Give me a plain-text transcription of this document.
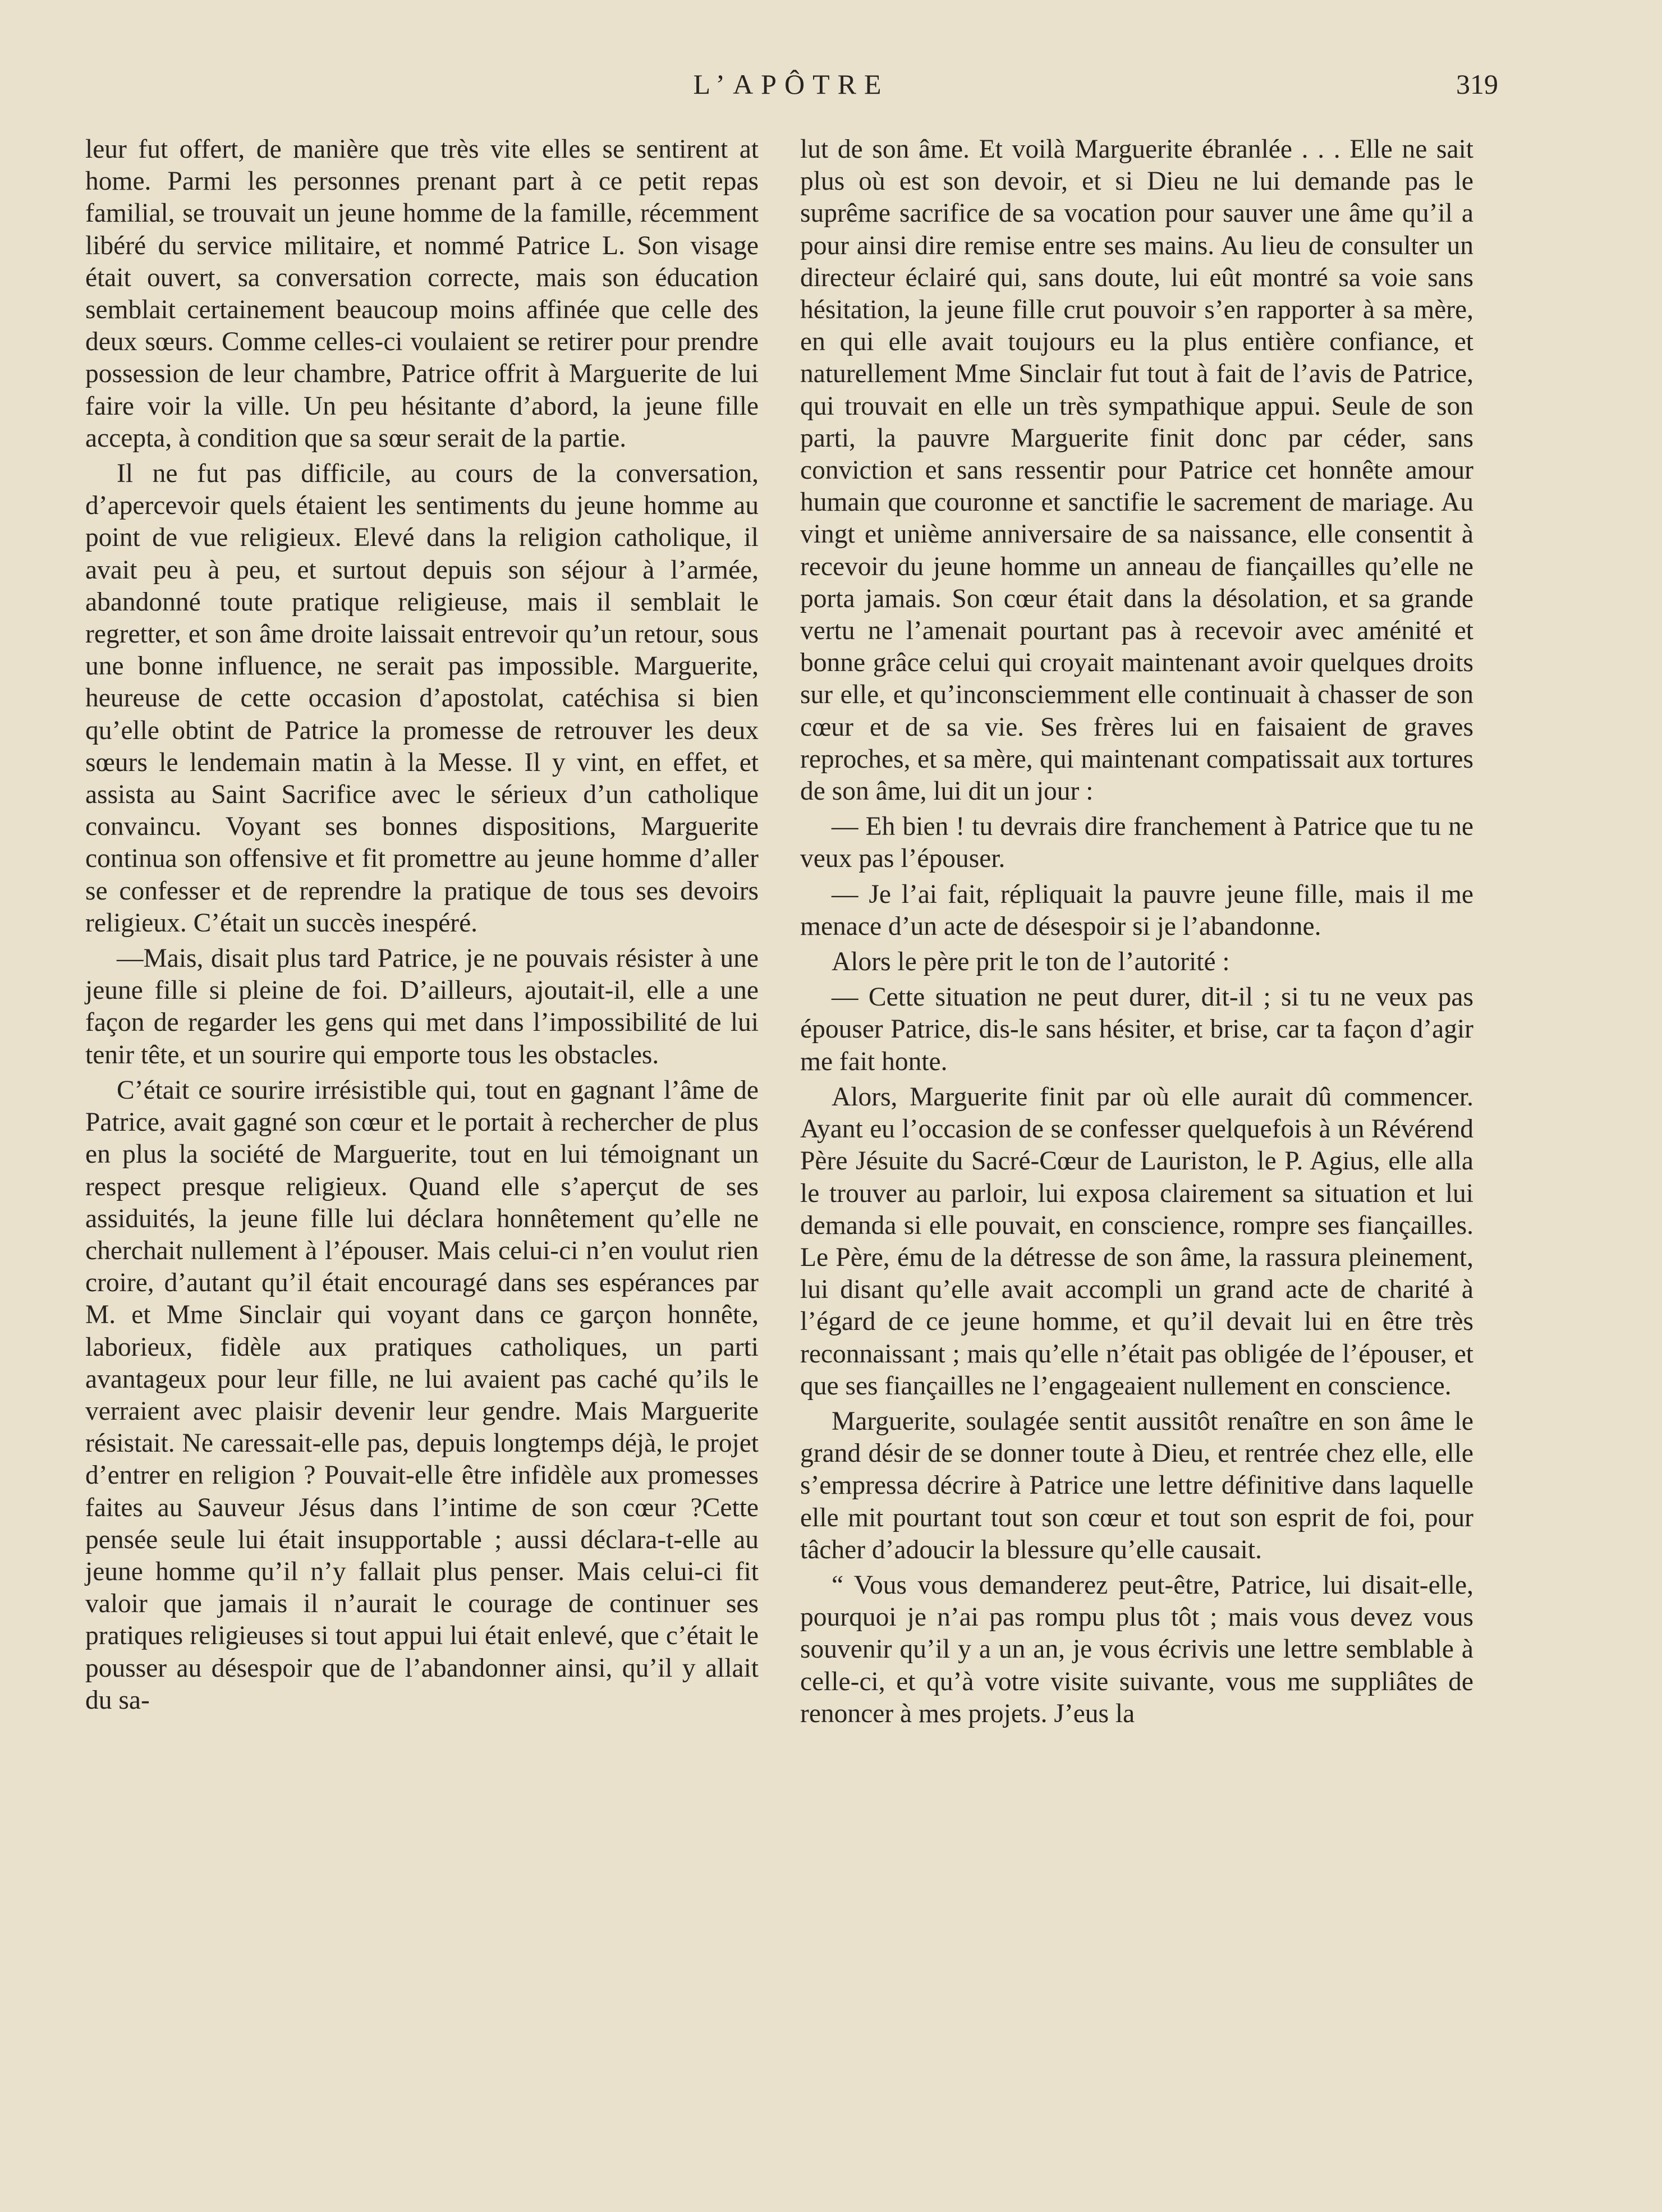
L’APÔTRE	319

leur fut offert, de manière que très vite elles se sentirent at home. Parmi les personnes prenant part à ce petit repas familial, se trouvait un jeune homme de la famille, récemment libéré du service militaire, et nommé Patrice L. Son visage était ouvert, sa conversation correcte, mais son éducation semblait certainement beaucoup moins affinée que celle des deux sœurs. Comme celles-ci voulaient se retirer pour prendre possession de leur chambre, Patrice offrit à Marguerite de lui faire voir la ville. Un peu hésitante d’abord, la jeune fille accepta, à condition que sa sœur serait de la partie.

Il ne fut pas difficile, au cours de la conversation, d’apercevoir quels étaient les sentiments du jeune homme au point de vue religieux. Elevé dans la religion catholique, il avait peu à peu, et surtout depuis son séjour à l’armée, abandonné toute pratique religieuse, mais il semblait le regretter, et son âme droite laissait entrevoir qu’un retour, sous une bonne influence, ne serait pas impossible. Marguerite, heureuse de cette occasion d’apostolat, catéchisa si bien qu’elle obtint de Patrice la promesse de retrouver les deux sœurs le lendemain matin à la Messe. Il y vint, en effet, et assista au Saint Sacrifice avec le sérieux d’un catholique convaincu. Voyant ses bonnes dispositions, Marguerite continua son offensive et fit promettre au jeune homme d’aller se confesser et de reprendre la pratique de tous ses devoirs religieux. C’était un succès inespéré.

—Mais, disait plus tard Patrice, je ne pouvais résister à une jeune fille si pleine de foi. D’ailleurs, ajoutait-il, elle a une façon de regarder les gens qui met dans l’impossibilité de lui tenir tête, et un sourire qui emporte tous les obstacles.

C’était ce sourire irrésistible qui, tout en gagnant l’âme de Patrice, avait gagné son cœur et le portait à rechercher de plus en plus la société de Marguerite, tout en lui témoignant un respect presque religieux. Quand elle s’aperçut de ses assiduités, la jeune fille lui déclara honnêtement qu’elle ne cherchait nullement à l’épouser. Mais celui-ci n’en voulut rien croire, d’autant qu’il était encouragé dans ses espérances par M. et Mme Sinclair qui voyant dans ce garçon honnête, laborieux, fidèle aux pratiques catholiques, un parti avantageux pour leur fille, ne lui avaient pas caché qu’ils le verraient avec plaisir devenir leur gendre. Mais Marguerite résistait. Ne caressait-elle pas, depuis longtemps déjà, le projet d’entrer en religion ? Pouvait-elle être infidèle aux promesses faites au Sauveur Jésus dans l’intime de son cœur ?Cette pensée seule lui était insupportable ; aussi déclara-t-elle au jeune homme qu’il n’y fallait plus penser. Mais celui-ci fit valoir que jamais il n’aurait le courage de continuer ses pratiques religieuses si tout appui lui était enlevé, que c’était le pousser au désespoir que de l’abandonner ainsi, qu’il y allait du sa-

lut de son âme. Et voilà Marguerite ébranlée . . . Elle ne sait plus où est son devoir, et si Dieu ne lui demande pas le suprême sacrifice de sa vocation pour sauver une âme qu’il a pour ainsi dire remise entre ses mains. Au lieu de consulter un directeur éclairé qui, sans doute, lui eût montré sa voie sans hésitation, la jeune fille crut pouvoir s’en rapporter à sa mère, en qui elle avait toujours eu la plus entière confiance, et naturellement Mme Sinclair fut tout à fait de l’avis de Patrice, qui trouvait en elle un très sympathique appui. Seule de son parti, la pauvre Marguerite finit donc par céder, sans conviction et sans ressentir pour Patrice cet honnête amour humain que couronne et sanctifie le sacrement de mariage. Au vingt et unième anniversaire de sa naissance, elle consentit à recevoir du jeune homme un anneau de fiançailles qu’elle ne porta jamais. Son cœur était dans la désolation, et sa grande vertu ne l’amenait pourtant pas à recevoir avec aménité et bonne grâce celui qui croyait maintenant avoir quelques droits sur elle, et qu’inconsciemment elle continuait à chasser de son cœur et de sa vie. Ses frères lui en faisaient de graves reproches, et sa mère, qui maintenant compatissait aux tortures de son âme, lui dit un jour :

— Eh bien ! tu devrais dire franchement à Patrice que tu ne veux pas l’épouser.

— Je l’ai fait, répliquait la pauvre jeune fille, mais il me menace d’un acte de désespoir si je l’abandonne.

Alors le père prit le ton de l’autorité :

— Cette situation ne peut durer, dit-il ; si tu ne veux pas épouser Patrice, dis-le sans hésiter, et brise, car ta façon d’agir me fait honte.

Alors, Marguerite finit par où elle aurait dû commencer. Ayant eu l’occasion de se confesser quelquefois à un Révérend Père Jésuite du Sacré-Cœur de Lauriston, le P. Agius, elle alla le trouver au parloir, lui exposa clairement sa situation et lui demanda si elle pouvait, en conscience, rompre ses fiançailles. Le Père, ému de la détresse de son âme, la rassura pleinement, lui disant qu’elle avait accompli un grand acte de charité à l’égard de ce jeune homme, et qu’il devait lui en être très reconnaissant ; mais qu’elle n’était pas obligée de l’épouser, et que ses fiançailles ne l’engageaient nullement en conscience.

Marguerite, soulagée sentit aussitôt renaître en son âme le grand désir de se donner toute à Dieu, et rentrée chez elle, elle s’empressa décrire à Patrice une lettre définitive dans laquelle elle mit pourtant tout son cœur et tout son esprit de foi, pour tâcher d’adoucir la blessure qu’elle causait.

“ Vous vous demanderez peut-être, Patrice, lui disait-elle, pourquoi je n’ai pas rompu plus tôt ; mais vous devez vous souvenir qu’il y a un an, je vous écrivis une lettre semblable à celle-ci, et qu’à votre visite suivante, vous me suppliâtes de renoncer à mes projets. J’eus la
